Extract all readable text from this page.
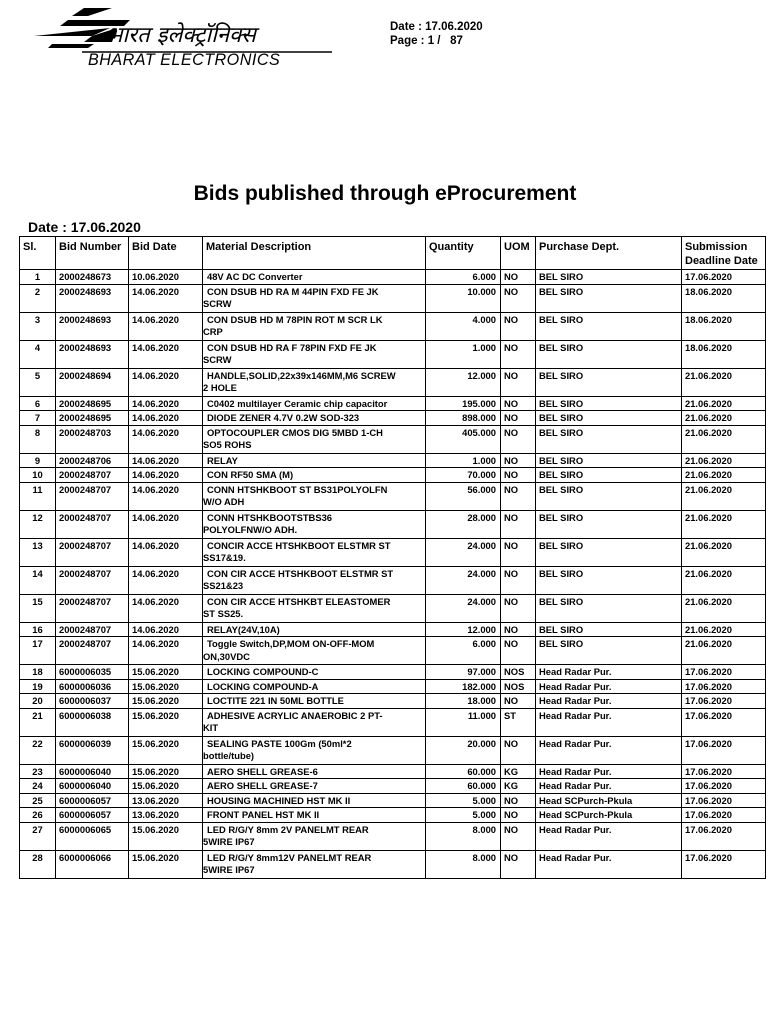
भारत इलेक्ट्रॉनिक्स
BHARAT ELECTRONICS
Date : 17.06.2020
Page : 1 /   87
Bids published through eProcurement
Date : 17.06.2020
Sl.	Bid Number	Bid Date	Material Description	Quantity	UOM	Purchase Dept.	Submission Deadline Date
1	2000248673	10.06.2020	48V AC DC Converter	6.000	NO	BEL SIRO	17.06.2020
2	2000248693	14.06.2020	CON DSUB HD RA M 44PIN FXD FE JK
SCRW	10.000	NO	BEL SIRO	18.06.2020
3	2000248693	14.06.2020	CON DSUB HD M 78PIN ROT M SCR LK
CRP	4.000	NO	BEL SIRO	18.06.2020
4	2000248693	14.06.2020	CON DSUB HD RA F 78PIN FXD FE JK
SCRW	1.000	NO	BEL SIRO	18.06.2020
5	2000248694	14.06.2020	HANDLE,SOLID,22x39x146MM,M6 SCREW
2 HOLE	12.000	NO	BEL SIRO	21.06.2020
6	2000248695	14.06.2020	C0402 multilayer Ceramic chip capacitor	195.000	NO	BEL SIRO	21.06.2020
7	2000248695	14.06.2020	DIODE ZENER 4.7V 0.2W SOD-323	898.000	NO	BEL SIRO	21.06.2020
8	2000248703	14.06.2020	OPTOCOUPLER CMOS DIG 5MBD 1-CH
SO5 ROHS	405.000	NO	BEL SIRO	21.06.2020
9	2000248706	14.06.2020	RELAY	1.000	NO	BEL SIRO	21.06.2020
10	2000248707	14.06.2020	CON RF50 SMA (M)	70.000	NO	BEL SIRO	21.06.2020
11	2000248707	14.06.2020	CONN HTSHKBOOT ST BS31POLYOLFN
W/O ADH	56.000	NO	BEL SIRO	21.06.2020
12	2000248707	14.06.2020	CONN HTSHKBOOTSTBS36
POLYOLFNW/O ADH.	28.000	NO	BEL SIRO	21.06.2020
13	2000248707	14.06.2020	CONCIR ACCE HTSHKBOOT ELSTMR ST
SS17&19.	24.000	NO	BEL SIRO	21.06.2020
14	2000248707	14.06.2020	CON CIR ACCE HTSHKBOOT ELSTMR ST
SS21&23	24.000	NO	BEL SIRO	21.06.2020
15	2000248707	14.06.2020	CON CIR ACCE HTSHKBT ELEASTOMER
ST SS25.	24.000	NO	BEL SIRO	21.06.2020
16	2000248707	14.06.2020	RELAY(24V,10A)	12.000	NO	BEL SIRO	21.06.2020
17	2000248707	14.06.2020	Toggle Switch,DP,MOM ON-OFF-MOM
ON,30VDC	6.000	NO	BEL SIRO	21.06.2020
18	6000006035	15.06.2020	LOCKING COMPOUND-C	97.000	NOS	Head Radar Pur.	17.06.2020
19	6000006036	15.06.2020	LOCKING COMPOUND-A	182.000	NOS	Head Radar Pur.	17.06.2020
20	6000006037	15.06.2020	LOCTITE 221 IN 50ML BOTTLE	18.000	NO	Head Radar Pur.	17.06.2020
21	6000006038	15.06.2020	ADHESIVE ACRYLIC ANAEROBIC 2 PT-
KIT	11.000	ST	Head Radar Pur.	17.06.2020
22	6000006039	15.06.2020	SEALING PASTE 100Gm (50ml*2
bottle/tube)	20.000	NO	Head Radar Pur.	17.06.2020
23	6000006040	15.06.2020	AERO SHELL GREASE-6	60.000	KG	Head Radar Pur.	17.06.2020
24	6000006040	15.06.2020	AERO SHELL GREASE-7	60.000	KG	Head Radar Pur.	17.06.2020
25	6000006057	13.06.2020	HOUSING MACHINED HST MK II	5.000	NO	Head SCPurch-Pkula	17.06.2020
26	6000006057	13.06.2020	FRONT PANEL HST MK II	5.000	NO	Head SCPurch-Pkula	17.06.2020
27	6000006065	15.06.2020	LED R/G/Y 8mm 2V PANELMT REAR
5WIRE IP67	8.000	NO	Head Radar Pur.	17.06.2020
28	6000006066	15.06.2020	LED R/G/Y 8mm12V PANELMT REAR
5WIRE IP67	8.000	NO	Head Radar Pur.	17.06.2020
